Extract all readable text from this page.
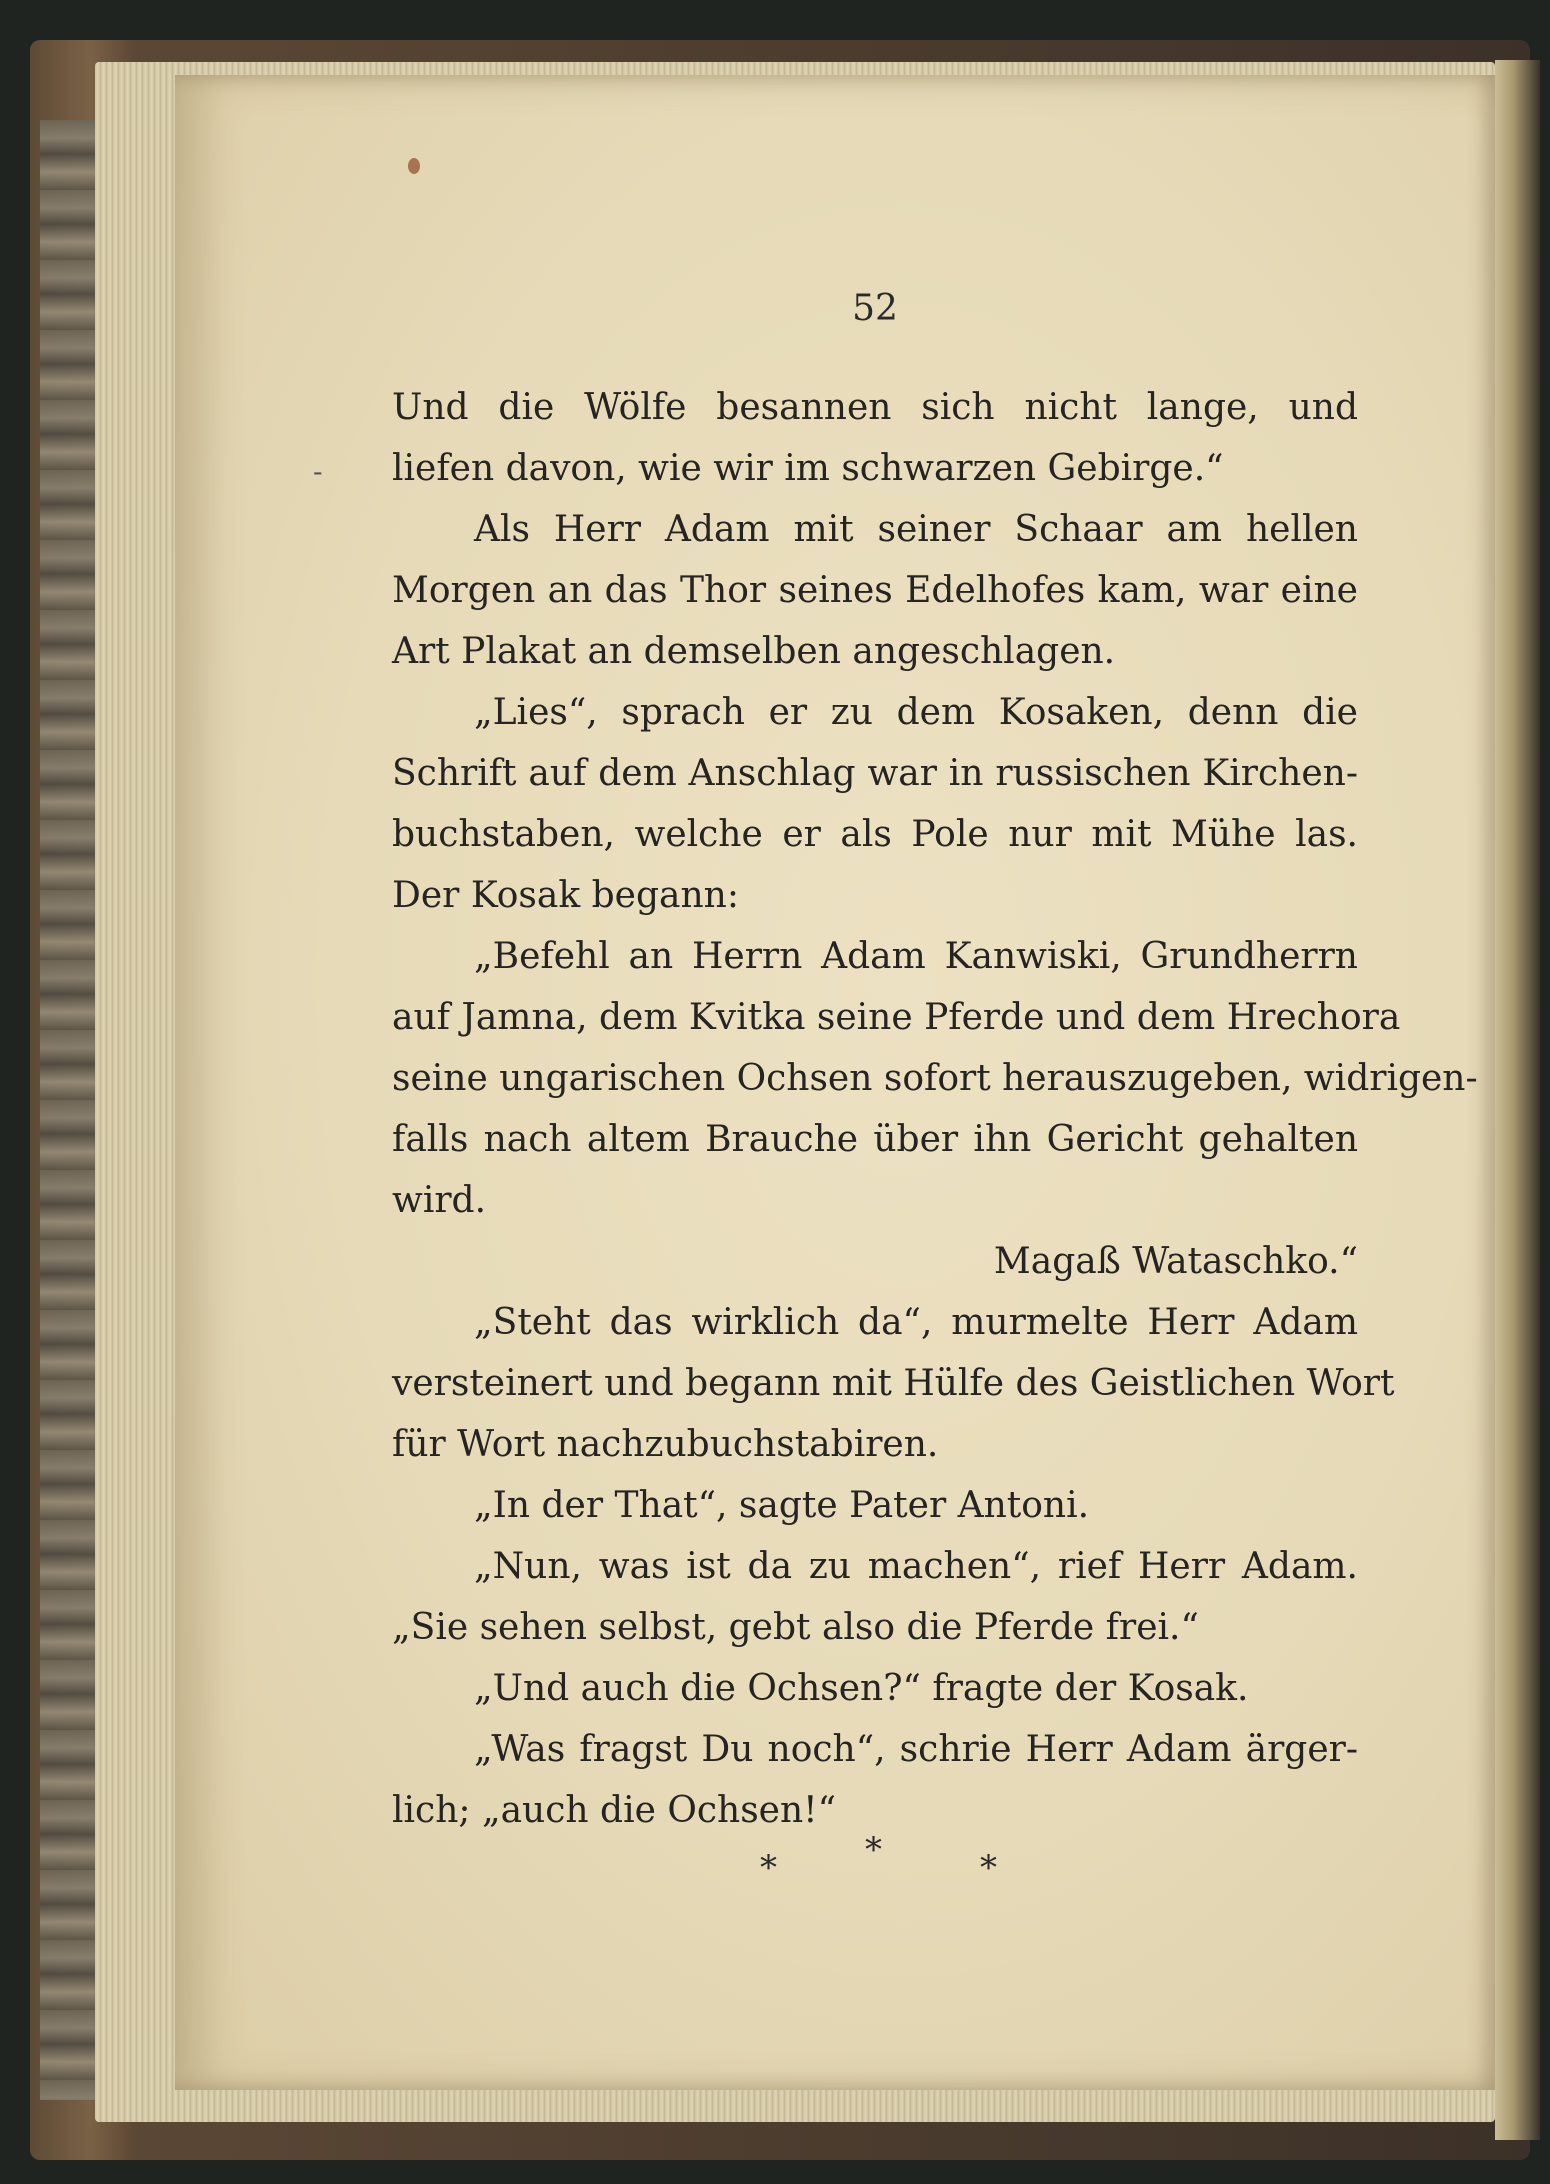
-
52
Und die Wölfe besannen sich nicht lange, und
liefen davon, wie wir im schwarzen Gebirge.“
Als Herr Adam mit seiner Schaar am hellen
Morgen an das Thor seines Edelhofes kam, war eine
Art Plakat an demselben angeschlagen.
„Lies“, sprach er zu dem Kosaken, denn die
Schrift auf dem Anschlag war in russischen Kirchen-
buchstaben, welche er als Pole nur mit Mühe las.
Der Kosak begann:
„Befehl an Herrn Adam Kanwiski, Grundherrn
auf Jamna, dem Kvitka seine Pferde und dem Hrechora
seine ungarischen Ochsen sofort herauszugeben, widrigen-
falls nach altem Brauche über ihn Gericht gehalten
wird.
Magaß Wataschko.“
„Steht das wirklich da“, murmelte Herr Adam
versteinert und begann mit Hülfe des Geistlichen Wort
für Wort nachzubuchstabiren.
„In der That“, sagte Pater Antoni.
„Nun, was ist da zu machen“, rief Herr Adam.
„Sie sehen selbst, gebt also die Pferde frei.“
„Und auch die Ochsen?“ fragte der Kosak.
„Was fragst Du noch“, schrie Herr Adam ärger-
lich; „auch die Ochsen!“
*	*	*
